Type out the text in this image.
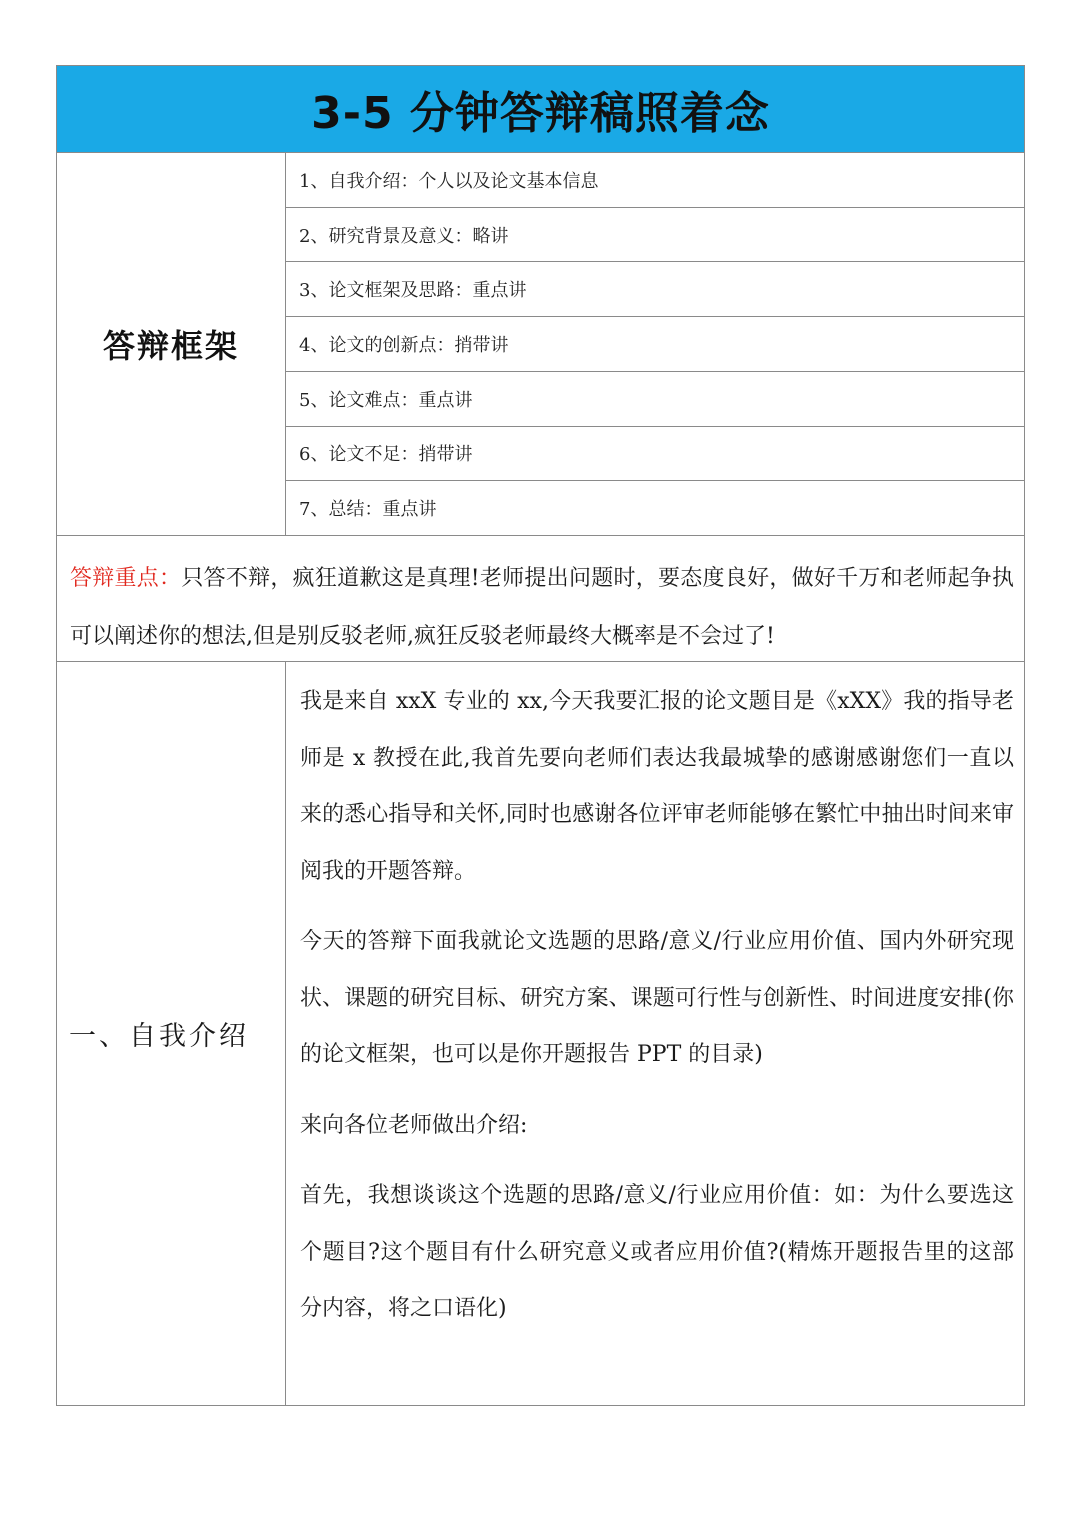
3-5 分钟答辩稿照着念
答辩框架
1、自我介绍：个人以及论文基本信息
2、研究背景及意义：略讲
3、论文框架及思路：重点讲
4、论文的创新点：捎带讲
5、论文难点：重点讲
6、论文不足：捎带讲
7、总结：重点讲
答辩重点：只答不辩，疯狂道歉这是真理!老师提出问题时，要态度良好，做好千万和老师起争执可以阐述你的想法,但是别反驳老师,疯狂反驳老师最终大概率是不会过了!
一、自我介绍

我是来自 xxX 专业的 xx,今天我要汇报的论文题目是《xXX》我的指导老师是 x 教授在此,我首先要向老师们表达我最城挚的感谢感谢您们一直以来的悉心指导和关怀,同时也感谢各位评审老师能够在繁忙中抽出时间来审阅我的开题答辩。

今天的答辩下面我就论文选题的思路/意义/行业应用价值、国内外研究现状、课题的研究目标、研究方案、课题可行性与创新性、时间进度安排(你的论文框架，也可以是你开题报告 PPT 的目录)

来向各位老师做出介绍:

首先，我想谈谈这个选题的思路/意义/行业应用价值：如：为什么要选这个题目?这个题目有什么研究意义或者应用价值?(精炼开题报告里的这部分内容，将之口语化)
